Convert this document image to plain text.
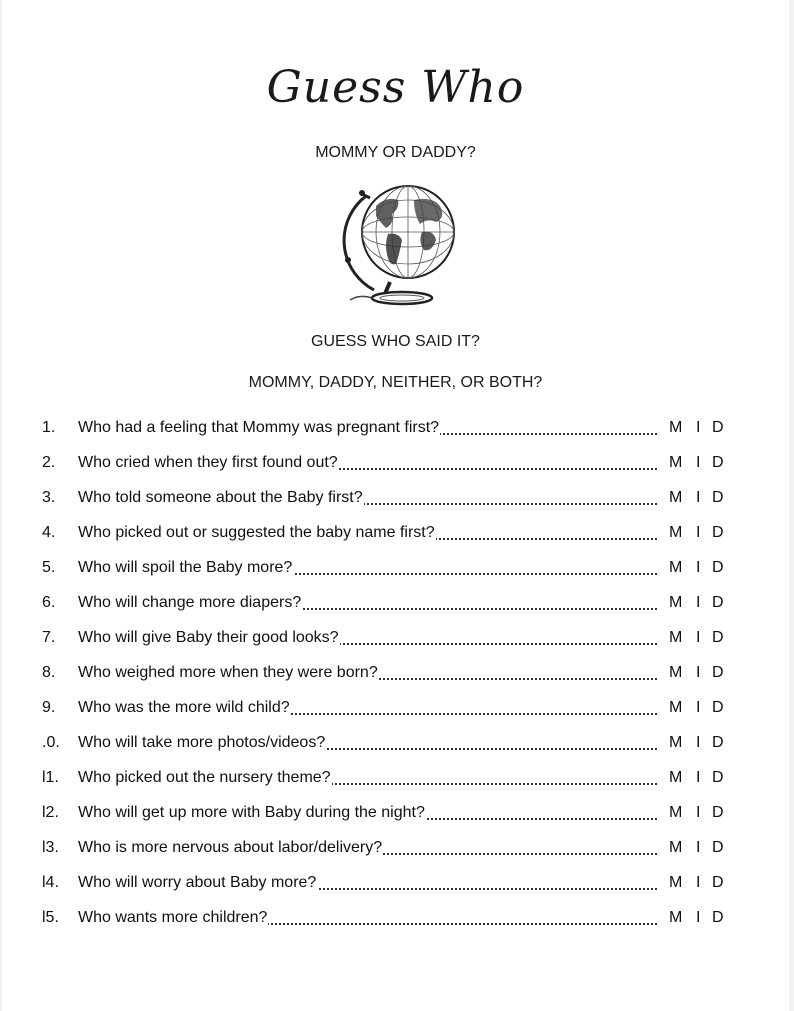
Guess Who
MOMMY OR DADDY?
GUESS WHO SAID IT?
MOMMY, DADDY, NEITHER, OR BOTH?
1. Who had a feeling that Mommy was pregnant first?	M I D
2. Who cried when they first found out?	M I D
3. Who told someone about the Baby first?	M I D
4. Who picked out or suggested the baby name first?	M I D
5. Who will spoil the Baby more?	M I D
6. Who will change more diapers?	M I D
7. Who will give Baby their good looks?	M I D
8. Who weighed more when they were born?	M I D
9. Who was the more wild child?	M I D
.0. Who will take more photos/videos?	M I D
l1. Who picked out the nursery theme?	M I D
l2. Who will get up more with Baby during the night?	M I D
l3. Who is more nervous about labor/delivery?	M I D
l4. Who will worry about Baby more?	M I D
l5. Who wants more children?	M I D
